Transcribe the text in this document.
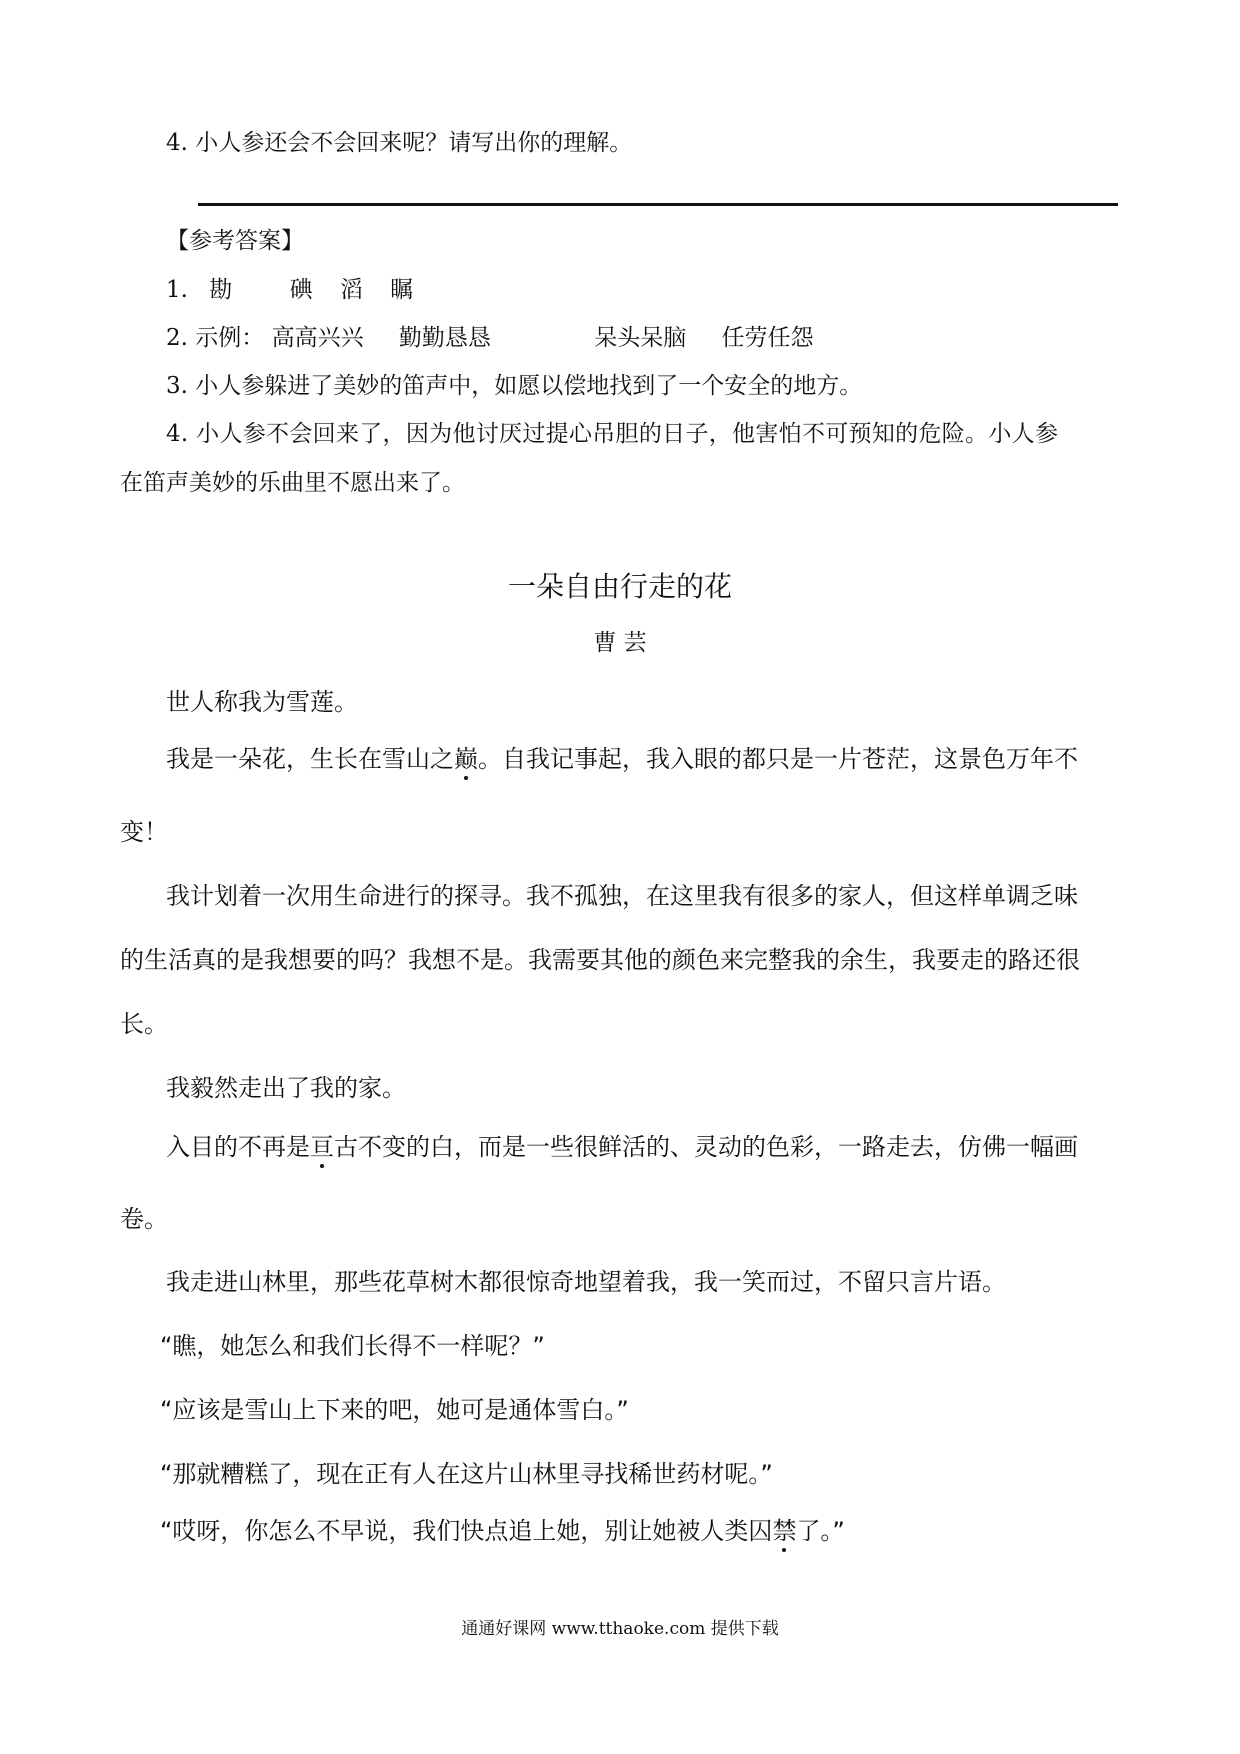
4. 小人参还会不会回来呢？请写出你的理解。
【参考答案】
1. 勘 碘 滔 瞩
2. 示例： 高高兴兴 勤勤恳恳	呆头呆脑 任劳任怨
3. 小人参躲进了美妙的笛声中，如愿以偿地找到了一个安全的地方。
4. 小人参不会回来了，因为他讨厌过提心吊胆的日子，他害怕不可预知的危险。小人参
在笛声美妙的乐曲里不愿出来了。
一朵自由行走的花
曹 芸
世人称我为雪莲。
我是一朵花，生长在雪山之巅。自我记事起，我入眼的都只是一片苍茫，这景色万年不
变！
我计划着一次用生命进行的探寻。我不孤独，在这里我有很多的家人，但这样单调乏味
的生活真的是我想要的吗？我想不是。我需要其他的颜色来完整我的余生，我要走的路还很
长。
我毅然走出了我的家。
入目的不再是亘古不变的白，而是一些很鲜活的、灵动的色彩，一路走去，仿佛一幅画
卷。
我走进山林里，那些花草树木都很惊奇地望着我，我一笑而过，不留只言片语。
“瞧，她怎么和我们长得不一样呢？”
“应该是雪山上下来的吧，她可是通体雪白。”
“那就糟糕了，现在正有人在这片山林里寻找稀世药材呢。”
“哎呀，你怎么不早说，我们快点追上她，别让她被人类囚禁了。”
通通好课网 www.tthaoke.com 提供下载
